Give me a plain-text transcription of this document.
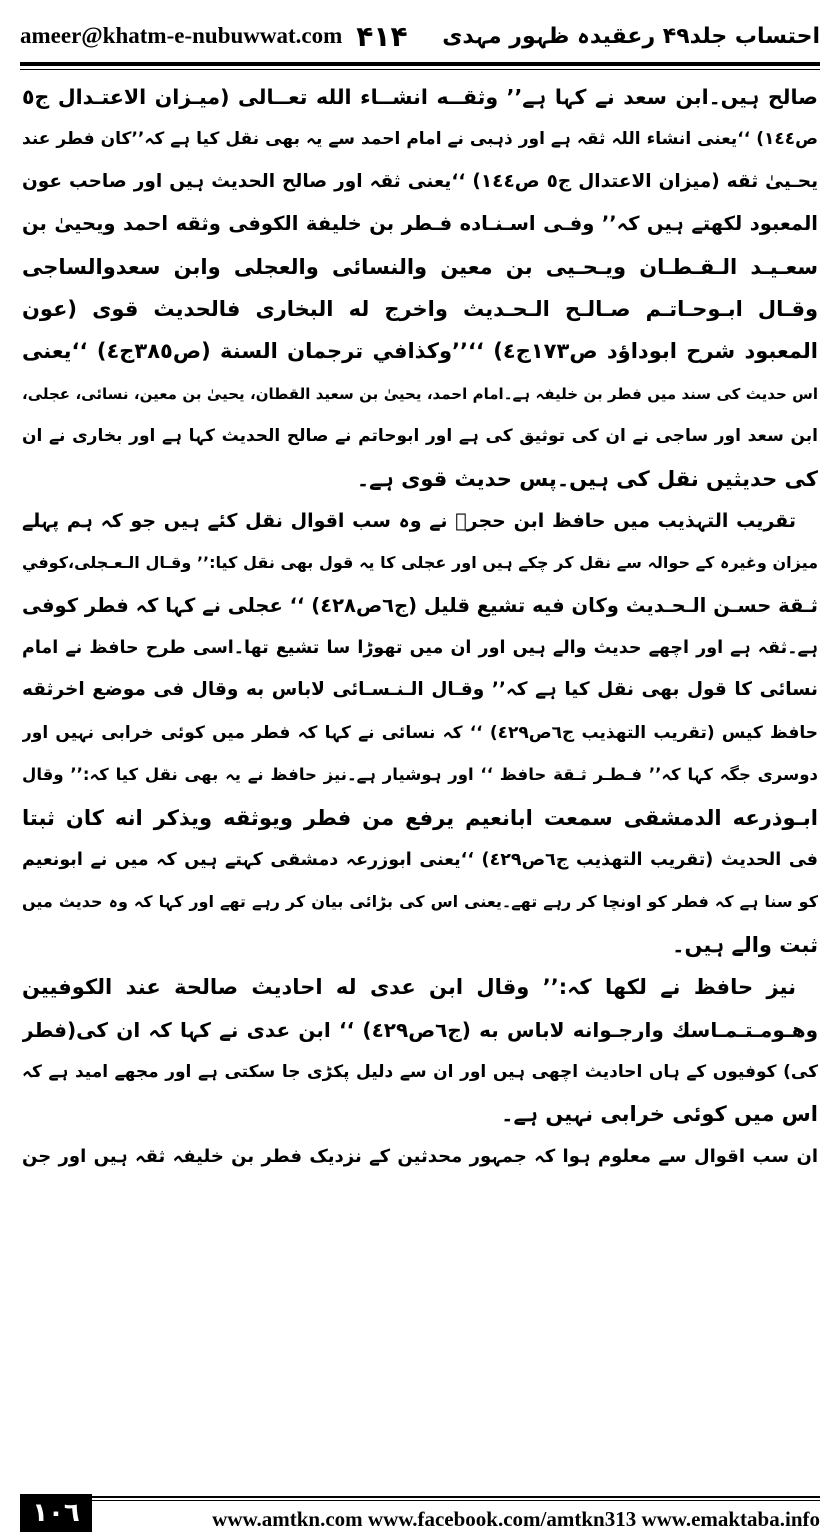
ameer@khatm-e-nubuwwat.com ۴۱۴ احتساب جلد۴۹ رعقیدہ ظہور مہدی
صالح ہیں۔ابن سعد نے کہا ہے’’ وثقــه انشــاء الله تعــالى (ميـزان الاعتـدال ج٥
ص١٤٤) ‘‘یعنی انشاء اللہ ثقہ ہے اور ذہبی نے امام احمد سے یہ بھی نقل کیا ہے کہ’’كان فطر عند
يحـيىٰ ثقه (ميزان الاعتدال ج٥ ص١٤٤) ‘‘یعنی ثقہ اور صالح الحدیث ہیں اور صاحب عون
المعبود لکھتے ہیں کہ’’ وفـی اسـنـاده فـطر بن خليفة الكوفى وثقه احمد ويحيىٰ بن
سعـيـد الـقـطـان ويـحـيى بن معين والنسائى والعجلى وابن سعدوالساجى
وقـال ابـوحـاتـم صـالـح الـحـديث واخرج له البخارى فالحديث قوى (عون
المعبود شرح ابوداؤد ص١٧٣ج٤) ‘‘’’وكذافي ترجمان السنة (ص٣٨٥ج٤) ‘‘یعنی
اس حدیث کی سند میں فطر بن خلیفہ ہے۔امام احمد، یحییٰ بن سعید القطان، یحییٰ بن معین، نسائی، عجلی،
ابن سعد اور ساجی نے ان کی توثیق کی ہے اور ابوحاتم نے صالح الحدیث کہا ہے اور بخاری نے ان
کی حدیثیں نقل کی ہیں۔پس حدیث قوی ہے۔
تقریب التہذیب میں حافظ ابن حجرؒ نے وہ سب اقوال نقل کئے ہیں جو کہ ہم پہلے
میزان وغیرہ کے حوالہ سے نقل کر چکے ہیں اور عجلی کا یہ قول بھی نقل کیا:’’ وقـال الـعـجلى،كوفي
ثـقة حسـن الـحـديث وكان فيه تشيع قليل (ج٦ص٤٢٨) ‘‘ عجلی نے کہا کہ فطر کوفی
ہے۔ثقہ ہے اور اچھے حدیث والے ہیں اور ان میں تھوڑا سا تشیع تھا۔اسی طرح حافظ نے امام
نسائی کا قول بھی نقل کیا ہے کہ’’ وقـال الـنـسـائى لاباس به وقال فى موضع اخرثقه
حافظ كيس (تقريب التهذيب ج٦ص٤٢٩) ‘‘ کہ نسائی نے کہا کہ فطر میں کوئی خرابی نہیں اور
دوسری جگہ کہا کہ’’ فـطـر ثـقة حافظ ‘‘ اور ہوشیار ہے۔نیز حافظ نے یہ بھی نقل کیا کہ:’’ وقال
ابـوذرعه الدمشقى سمعت ابانعيم يرفع من فطر ويوثقه ويذكر انه كان ثبتا
فى الحديث (تقريب التهذيب ج٦ص٤٢٩) ‘‘یعنی ابوزرعہ دمشقی کہتے ہیں کہ میں نے ابونعیم
کو سنا ہے کہ فطر کو اونچا کر رہے تھے۔یعنی اس کی بڑائی بیان کر رہے تھے اور کہا کہ وہ حدیث میں
ثبت والے ہیں۔
نیز حافظ نے لکھا کہ:’’ وقال ابن عدى له احاديث صالحة عند الكوفيين
وهـومـتـمـاسك وارجـوانه لاباس به (ج٦ص٤٢٩) ‘‘ ابن عدی نے کہا کہ ان کی(فطر
کی) کوفیوں کے ہاں احادیث اچھی ہیں اور ان سے دلیل پکڑی جا سکتی ہے اور مجھے امید ہے کہ
اس میں کوئی خرابی نہیں ہے۔
ان سب اقوال سے معلوم ہوا کہ جمہور محدثین کے نزدیک فطر بن خلیفہ ثقہ ہیں اور جن
١٠٦	www.amtkn.com www.facebook.com/amtkn313 www.emaktaba.info
